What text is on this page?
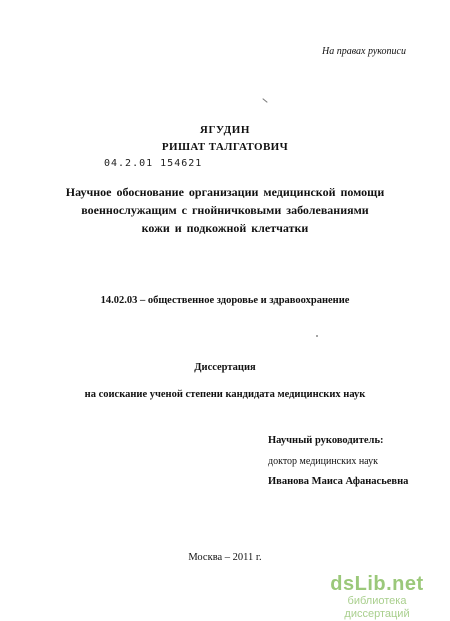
На правах рукописи
ЯГУДИН
РИШАТ ТАЛГАТОВИЧ
04.2.01 154621
Научное обоснование организации медицинской помощи
военнослужащим с гнойничковыми заболеваниями
кожи и подкожной клетчатки
14.02.03 – общественное здоровье и здравоохранение
Диссертация
на соискание ученой степени кандидата медицинских наук
Научный руководитель:
доктор медицинских наук
Иванова Маиса Афанасьевна
Москва – 2011 г.
dsLib.net
библиотека диссертаций
